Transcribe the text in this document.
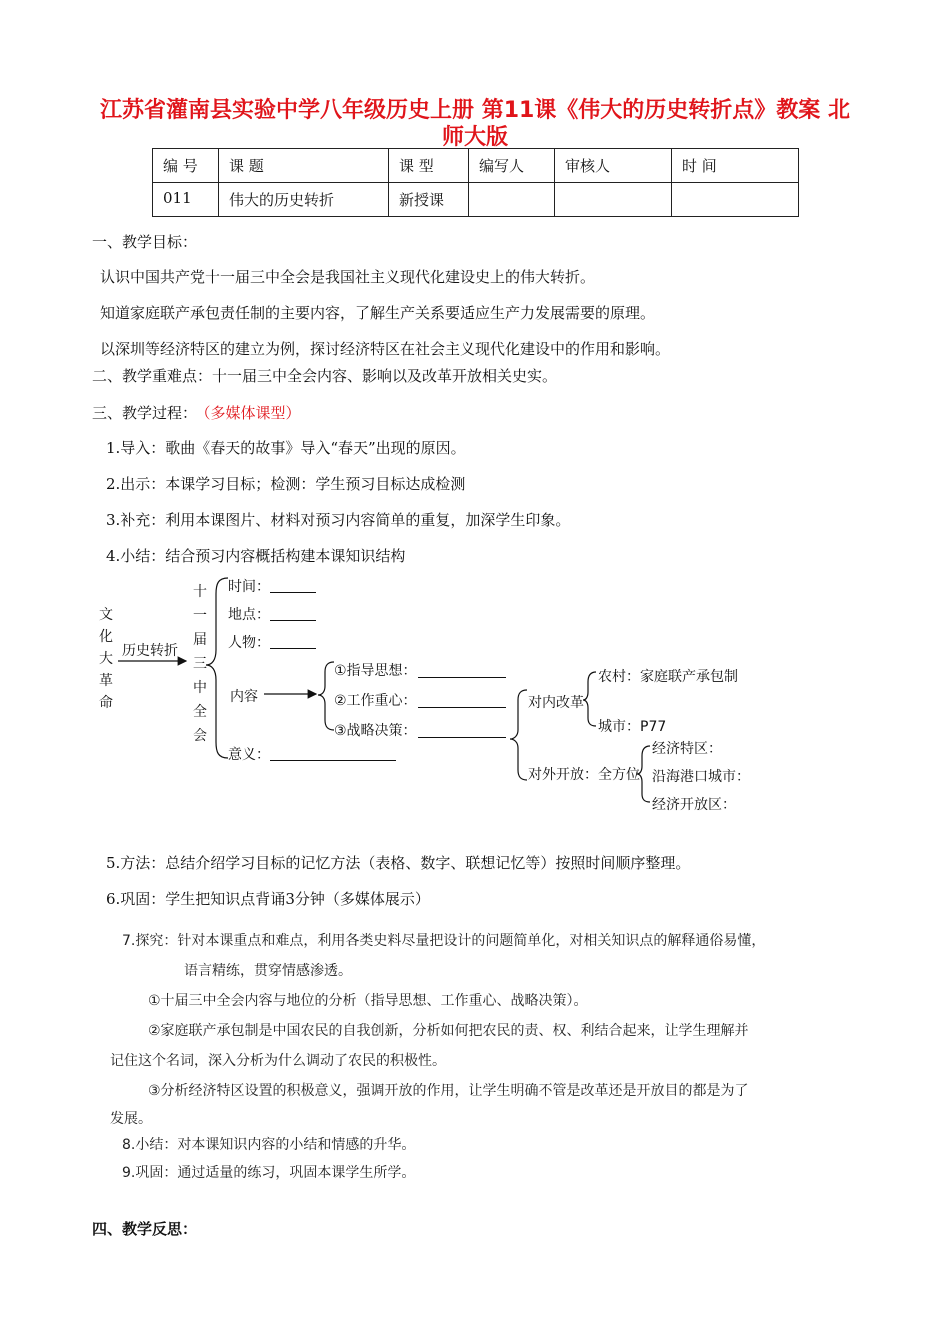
江苏省灌南县实验中学八年级历史上册 第11课《伟大的历史转折点》教案 北
师大版
编 号	课 题	课 型	编写人	审核人	时 间
011	伟大的历史转折	新授课			
一、教学目标：
认识中国共产党十一届三中全会是我国社主义现代化建设史上的伟大转折。
知道家庭联产承包责任制的主要内容，了解生产关系要适应生产力发展需要的原理。
以深圳等经济特区的建立为例，探讨经济特区在社会主义现代化建设中的作用和影响。
二、教学重难点：十一届三中全会内容、影响以及改革开放相关史实。
三、教学过程： （多媒体课型）
1.导入：歌曲《春天的故事》导入“春天”出现的原因。
2.出示：本课学习目标；检测：学生预习目标达成检测
3.补充：利用本课图片、材料对预习内容简单的重复，加深学生印象。
4.小结：结合预习内容概括构建本课知识结构
文
化
大
革
命
历史转折
十
一
届
三
中
全
会
时间：
地点：
人物：
内容
意义：
①指导思想：
②工作重心：
③战略决策：
对内改革
农村：家庭联产承包制
城市：P77
对外开放：全方位
经济特区：
沿海港口城市：
经济开放区：
5.方法：总结介绍学习目标的记忆方法（表格、数字、联想记忆等）按照时间顺序整理。
6.巩固：学生把知识点背诵3分钟（多媒体展示）
7.探究：针对本课重点和难点，利用各类史料尽量把设计的问题简单化，对相关知识点的解释通俗易懂，
语言精练，贯穿情感渗透。
①十届三中全会内容与地位的分析（指导思想、工作重心、战略决策）。
②家庭联产承包制是中国农民的自我创新，分析如何把农民的责、权、利结合起来，让学生理解并
记住这个名词，深入分析为什么调动了农民的积极性。
③分析经济特区设置的积极意义，强调开放的作用，让学生明确不管是改革还是开放目的都是为了
发展。
8.小结：对本课知识内容的小结和情感的升华。
9.巩固：通过适量的练习，巩固本课学生所学。
四、教学反思：
